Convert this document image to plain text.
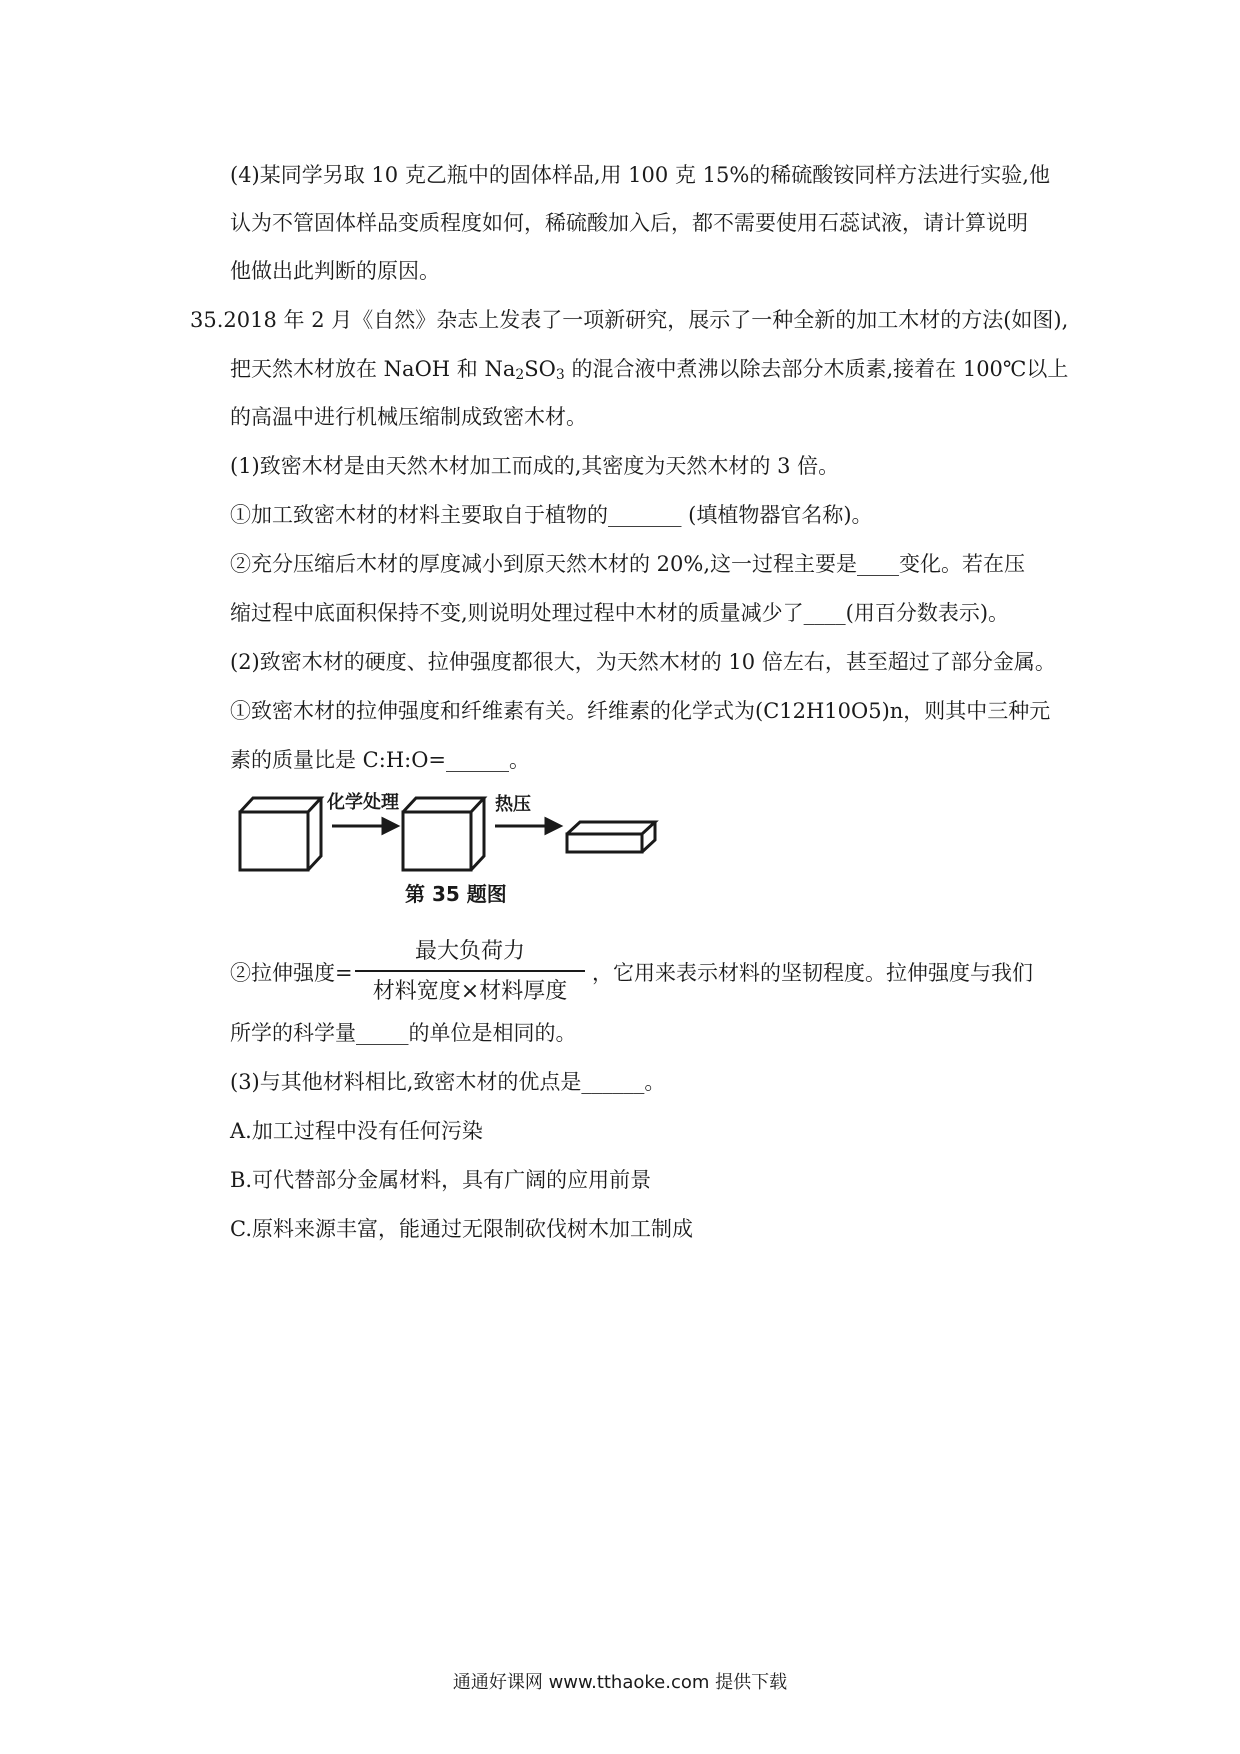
(4)某同学另取 10 克乙瓶中的固体样品,用 100 克 15%的稀硫酸铵同样方法进行实验,他
认为不管固体样品变质程度如何，稀硫酸加入后，都不需要使用石蕊试液，请计算说明
他做出此判断的原因。
35.2018 年 2 月《自然》杂志上发表了一项新研究，展示了一种全新的加工木材的方法(如图),
把天然木材放在 NaOH 和 $Na_2SO_3$ 的混合液中煮沸以除去部分木质素,接着在 100℃以上
的高温中进行机械压缩制成致密木材。
(1)致密木材是由天然木材加工而成的,其密度为天然木材的 3 倍。
①加工致密木材的材料主要取自于植物的_______ (填植物器官名称)。
②充分压缩后木材的厚度减小到原天然木材的 20%,这一过程主要是____变化。若在压
缩过程中底面积保持不变,则说明处理过程中木材的质量减少了____(用百分数表示)。
(2)致密木材的硬度、拉伸强度都很大，为天然木材的 10 倍左右，甚至超过了部分金属。
①致密木材的拉伸强度和纤维素有关。纤维素的化学式为(C12H10O5)n，则其中三种元
素的质量比是 C:H:O=______。
化学处理	热压
第 35 题图
②拉伸强度=
最大负荷力
材料宽度×材料厚度
，它用来表示材料的坚韧程度。拉伸强度与我们
所学的科学量_____的单位是相同的。
(3)与其他材料相比,致密木材的优点是______。
A.加工过程中没有任何污染
B.可代替部分金属材料，具有广阔的应用前景
C.原料来源丰富，能通过无限制砍伐树木加工制成
通通好课网 www.tthaoke.com 提供下载
